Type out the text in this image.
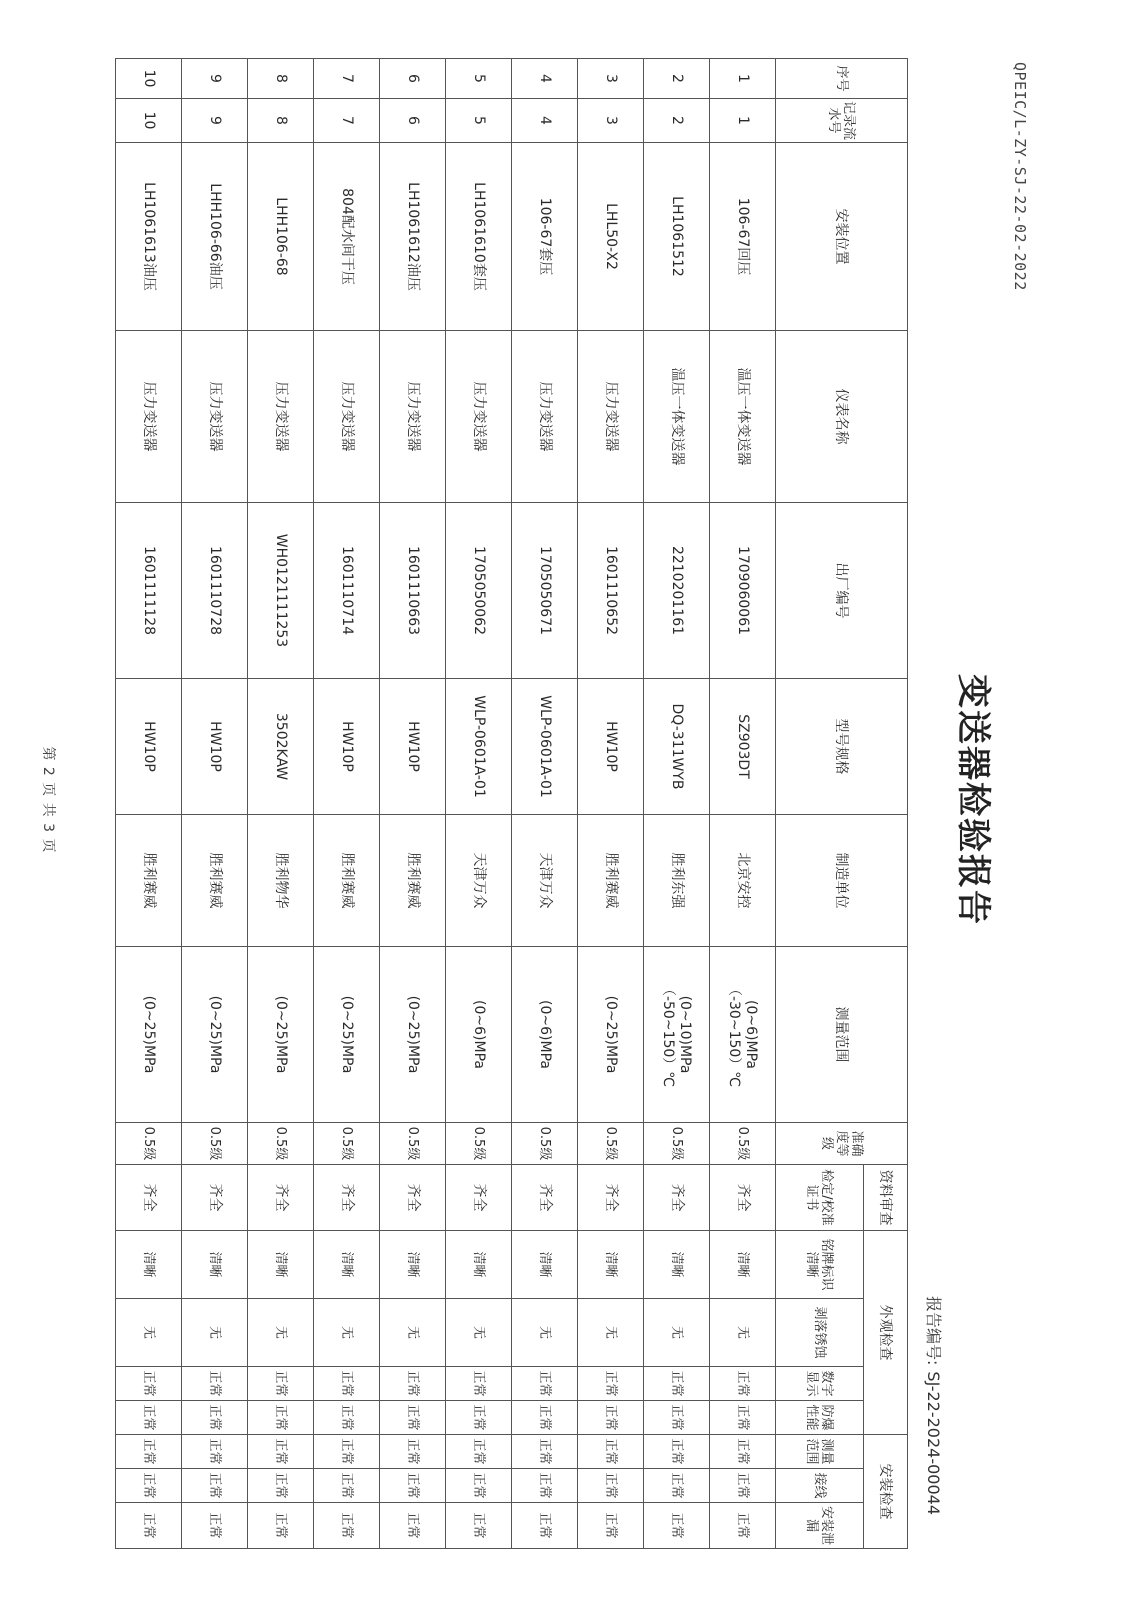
QPEIC/L-ZY-SJ-22-02-2022
变送器检验报告
报告编号:SJ-22-2024-00044
序号	记录流水号	安装位置	仪表名称	出厂编号	型号规格	制造单位	测量范围	准确度等级	资料审查	外观检查				安装检查	
									检定/校准证书	铭牌标识清晰	剥落锈蚀	数字显示	防爆性能	测量范围	接线	安装泄漏	

1	1	106-67回压	温压一体变送器	1709060061	SZ903DT	北京安控	(0~6)MPa（-30~150）℃	0.5级	齐全	清晰	无	正常	正常	正常	正常	正常	
2	2	LH1061512	温压一体变送器	2210201161	DQ-311WYB	胜利东强	(0~10)MPa（-50~150）℃	0.5级	齐全	清晰	无	正常	正常	正常	正常	正常	
3	3	LHL50-X2	压力变送器	1601110652	HW10P	胜利赛威	(0~25)MPa	0.5级	齐全	清晰	无	正常	正常	正常	正常	正常	
4	4	106-67套压	压力变送器	1705050671	WLP-0601A-01	天津万众	(0~6)MPa	0.5级	齐全	清晰	无	正常	正常	正常	正常	正常	
5	5	LH1061610套压	压力变送器	1705050062	WLP-0601A-01	天津万众	(0~6)MPa	0.5级	齐全	清晰	无	正常	正常	正常	正常	正常	
6	6	LH1061612油压	压力变送器	1601110663	HW10P	胜利赛威	(0~25)MPa	0.5级	齐全	清晰	无	正常	正常	正常	正常	正常	
7	7	804配水间干压	压力变送器	1601110714	HW10P	胜利赛威	(0~25)MPa	0.5级	齐全	清晰	无	正常	正常	正常	正常	正常	
8	8	LHH106-68	压力变送器	WH0121111253	3502KAW	胜利物华	(0~25)MPa	0.5级	齐全	清晰	无	正常	正常	正常	正常	正常	
9	9	LHH106-66油压	压力变送器	1601110728	HW10P	胜利赛威	(0~25)MPa	0.5级	齐全	清晰	无	正常	正常	正常	正常	正常	
10	10	LH1061613油压	压力变送器	1601111128	HW10P	胜利赛威	(0~25)MPa	0.5级	齐全	清晰	无	正常	正常	正常	正常	正常	
第 2 页 共 3 页
